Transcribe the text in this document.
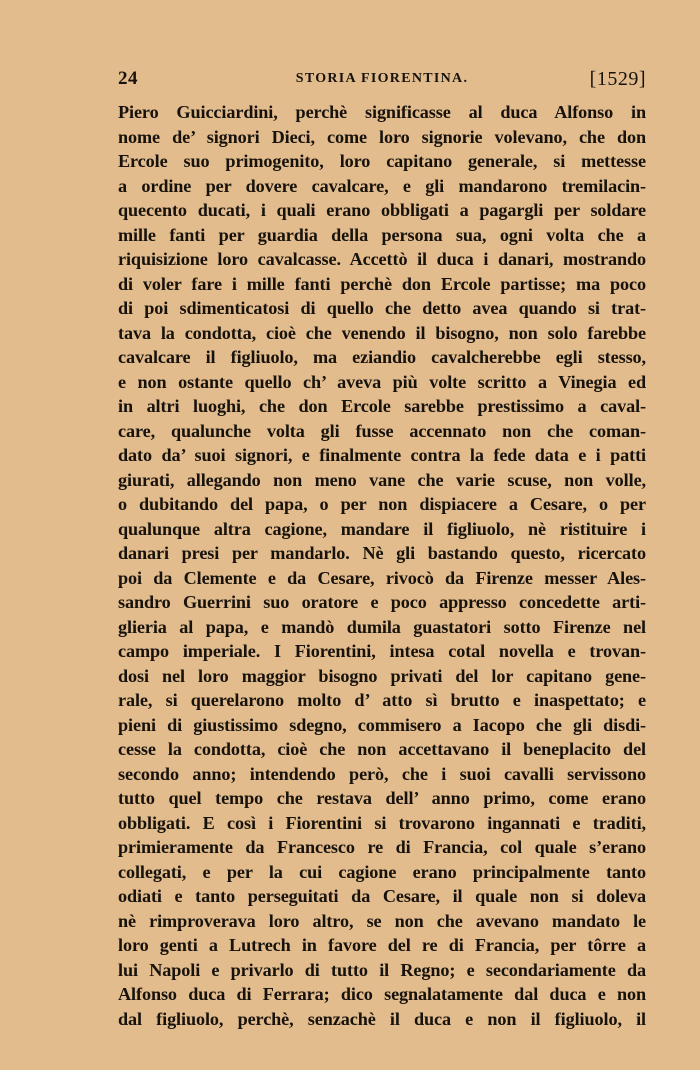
24	STORIA FIORENTINA.	[1529]
Piero Guicciardini, perchè significasse al duca Alfonso in
nome de’ signori Dieci, come loro signorie volevano, che don
Ercole suo primogenito, loro capitano generale, si mettesse
a ordine per dovere cavalcare, e gli mandarono tremilacin-
quecento ducati, i quali erano obbligati a pagargli per soldare
mille fanti per guardia della persona sua, ogni volta che a
riquisizione loro cavalcasse. Accettò il duca i danari, mostrando
di voler fare i mille fanti perchè don Ercole partisse; ma poco
di poi sdimenticatosi di quello che detto avea quando si trat-
tava la condotta, cioè che venendo il bisogno, non solo farebbe
cavalcare il figliuolo, ma eziandio cavalcherebbe egli stesso,
e non ostante quello ch’ aveva più volte scritto a Vinegia ed
in altri luoghi, che don Ercole sarebbe prestissimo a caval-
care, qualunche volta gli fusse accennato non che coman-
dato da’ suoi signori, e finalmente contra la fede data e i patti
giurati, allegando non meno vane che varie scuse, non volle,
o dubitando del papa, o per non dispiacere a Cesare, o per
qualunque altra cagione, mandare il figliuolo, nè ristituire i
danari presi per mandarlo. Nè gli bastando questo, ricercato
poi da Clemente e da Cesare, rivocò da Firenze messer Ales-
sandro Guerrini suo oratore e poco appresso concedette arti-
glieria al papa, e mandò dumila guastatori sotto Firenze nel
campo imperiale. I Fiorentini, intesa cotal novella e trovan-
dosi nel loro maggior bisogno privati del lor capitano gene-
rale, si querelarono molto d’ atto sì brutto e inaspettato; e
pieni di giustissimo sdegno, commisero a Iacopo che gli disdi-
cesse la condotta, cioè che non accettavano il beneplacito del
secondo anno; intendendo però, che i suoi cavalli servissono
tutto quel tempo che restava dell’ anno primo, come erano
obbligati. E così i Fiorentini si trovarono ingannati e traditi,
primieramente da Francesco re di Francia, col quale s’erano
collegati, e per la cui cagione erano principalmente tanto
odiati e tanto perseguitati da Cesare, il quale non si doleva
nè rimproverava loro altro, se non che avevano mandato le
loro genti a Lutrech in favore del re di Francia, per tôrre a
lui Napoli e privarlo di tutto il Regno; e secondariamente da
Alfonso duca di Ferrara; dico segnalatamente dal duca e non
dal figliuolo, perchè, senzachè il duca e non il figliuolo, il
